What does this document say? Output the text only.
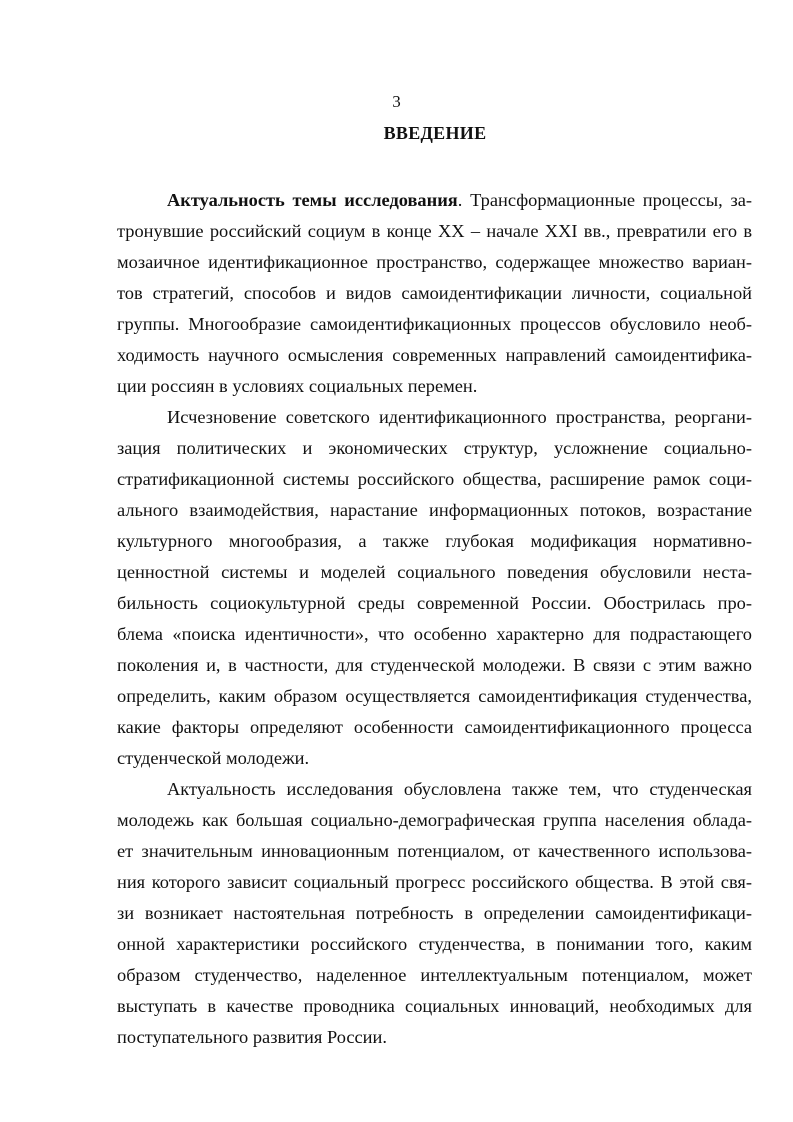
3
ВВЕДЕНИЕ
Актуальность темы исследования. Трансформационные процессы, за-
тронувшие российский социум в конце XX – начале XXI вв., превратили его в
мозаичное идентификационное пространство, содержащее множество вариан-
тов стратегий, способов и видов самоидентификации личности, социальной
группы. Многообразие самоидентификационных процессов обусловило необ-
ходимость научного осмысления современных направлений самоидентифика-
ции россиян в условиях социальных перемен.
Исчезновение советского идентификационного пространства, реоргани-
зация политических и экономических структур, усложнение социально-
стратификационной системы российского общества, расширение рамок соци-
ального взаимодействия, нарастание информационных потоков, возрастание
культурного многообразия, а также глубокая модификация нормативно-
ценностной системы и моделей социального поведения обусловили неста-
бильность социокультурной среды современной России. Обострилась про-
блема «поиска идентичности», что особенно характерно для подрастающего
поколения и, в частности, для студенческой молодежи. В связи с этим важно
определить, каким образом осуществляется самоидентификация студенчества,
какие факторы определяют особенности самоидентификационного процесса
студенческой молодежи.
Актуальность исследования обусловлена также тем, что студенческая
молодежь как большая социально-демографическая группа населения облада-
ет значительным инновационным потенциалом, от качественного использова-
ния которого зависит социальный прогресс российского общества. В этой свя-
зи возникает настоятельная потребность в определении самоидентификаци-
онной характеристики российского студенчества, в понимании того, каким
образом студенчество, наделенное интеллектуальным потенциалом, может
выступать в качестве проводника социальных инноваций, необходимых для
поступательного развития России.
